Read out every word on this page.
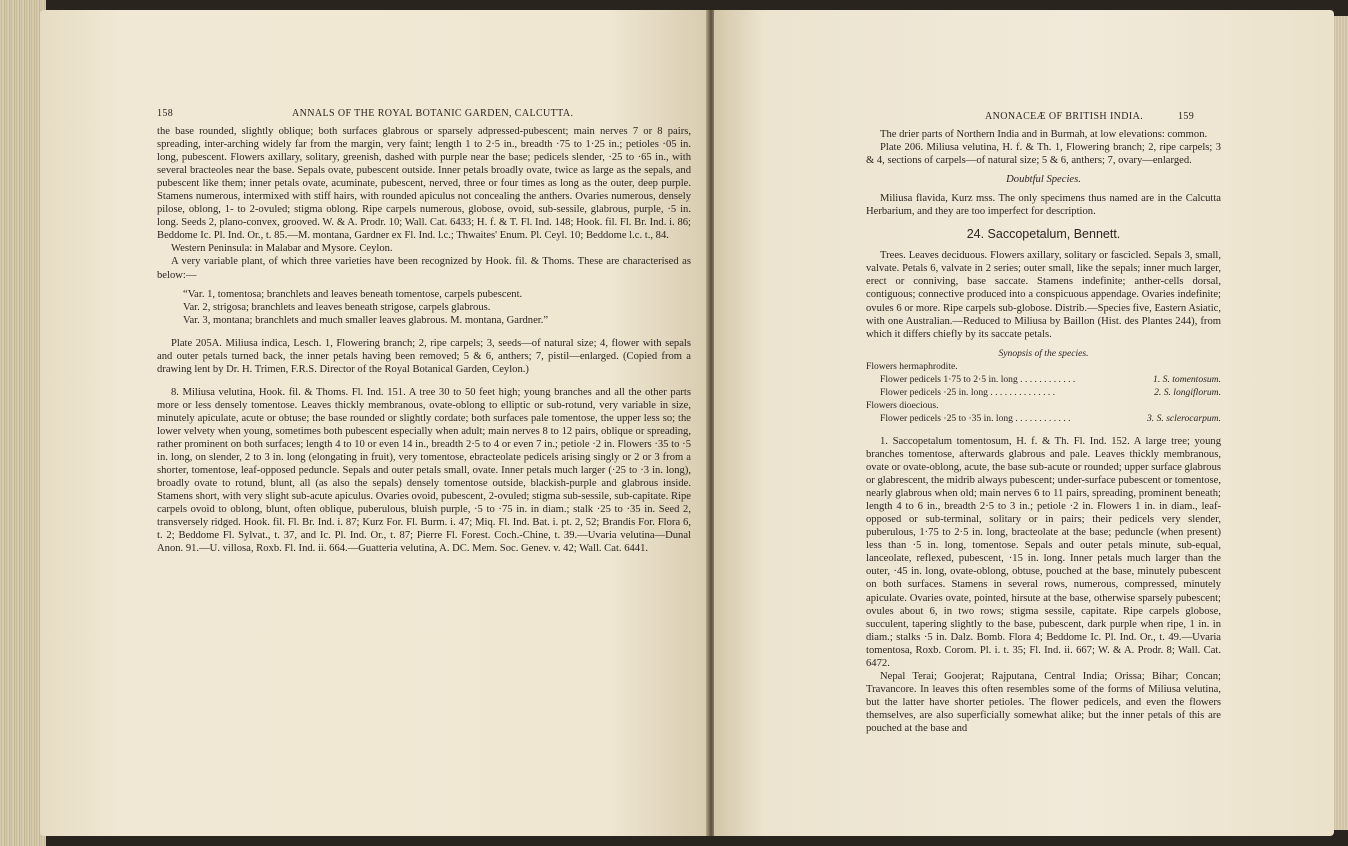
158	ANNALS OF THE ROYAL BOTANIC GARDEN, CALCUTTA.

the base rounded, slightly oblique; both surfaces glabrous or sparsely adpressed-pubescent; main nerves 7 or 8 pairs, spreading, inter-arching widely far from the margin, very faint; length 1 to 2·5 in., breadth ·75 to 1·25 in.; petioles ·05 in. long, pubescent. Flowers axillary, solitary, greenish, dashed with purple near the base; pedicels slender, ·25 to ·65 in., with several bracteoles near the base. Sepals ovate, pubescent outside. Inner petals broadly ovate, twice as large as the sepals, and pubescent like them; inner petals ovate, acuminate, pubescent, nerved, three or four times as long as the outer, deep purple. Stamens numerous, intermixed with stiff hairs, with rounded apiculus not concealing the anthers. Ovaries numerous, densely pilose, oblong, 1- to 2-ovuled; stigma oblong. Ripe carpels numerous, globose, ovoid, sub-sessile, glabrous, purple, ·5 in. long. Seeds 2, plano-convex, grooved. W. & A. Prodr. 10; Wall. Cat. 6433; H. f. & T. Fl. Ind. 148; Hook. fil. Fl. Br. Ind. i. 86; Beddome Ic. Pl. Ind. Or., t. 85.—M. montana, Gardner ex Fl. Ind. l.c.; Thwaites' Enum. Pl. Ceyl. 10; Beddome l.c. t., 84.

Western Peninsula: in Malabar and Mysore. Ceylon.

A very variable plant, of which three varieties have been recognized by Hook. fil. & Thoms. These are characterised as below:—

“Var. 1, tomentosa; branchlets and leaves beneath tomentose, carpels pubescent.

Var. 2, strigosa; branchlets and leaves beneath strigose, carpels glabrous.

Var. 3, montana; branchlets and much smaller leaves glabrous. M. montana, Gardner.”

Plate 205A. Miliusa indica, Lesch. 1, Flowering branch; 2, ripe carpels; 3, seeds—of natural size; 4, flower with sepals and outer petals turned back, the inner petals having been removed; 5 & 6, anthers; 7, pistil—enlarged. (Copied from a drawing lent by Dr. H. Trimen, F.R.S. Director of the Royal Botanical Garden, Ceylon.)

8. Miliusa velutina, Hook. fil. & Thoms. Fl. Ind. 151. A tree 30 to 50 feet high; young branches and all the other parts more or less densely tomentose. Leaves thickly membranous, ovate-oblong to elliptic or sub-rotund, very variable in size, minutely apiculate, acute or obtuse; the base rounded or slightly cordate; both surfaces pale tomentose, the upper less so; the lower velvety when young, sometimes both pubescent especially when adult; main nerves 8 to 12 pairs, oblique or spreading, rather prominent on both surfaces; length 4 to 10 or even 14 in., breadth 2·5 to 4 or even 7 in.; petiole ·2 in. Flowers ·35 to ·5 in. long, on slender, 2 to 3 in. long (elongating in fruit), very tomentose, ebracteolate pedicels arising singly or 2 or 3 from a shorter, tomentose, leaf-opposed peduncle. Sepals and outer petals small, ovate. Inner petals much larger (·25 to ·3 in. long), broadly ovate to rotund, blunt, all (as also the sepals) densely tomentose outside, blackish-purple and glabrous inside. Stamens short, with very slight sub-acute apiculus. Ovaries ovoid, pubescent, 2-ovuled; stigma sub-sessile, sub-capitate. Ripe carpels ovoid to oblong, blunt, often oblique, puberulous, bluish purple, ·5 to ·75 in. in diam.; stalk ·25 to ·35 in. Seed 2, transversely ridged. Hook. fil. Fl. Br. Ind. i. 87; Kurz For. Fl. Burm. i. 47; Miq. Fl. Ind. Bat. i. pt. 2, 52; Brandis For. Flora 6, t. 2; Beddome Fl. Sylvat., t. 37, and Ic. Pl. Ind. Or., t. 87; Pierre Fl. Forest. Coch.-Chine, t. 39.—Uvaria velutina—Dunal Anon. 91.—U. villosa, Roxb. Fl. Ind. ii. 664.—Guatteria velutina, A. DC. Mem. Soc. Genev. v. 42; Wall. Cat. 6441.

ANONACEÆ OF BRITISH INDIA.	159

The drier parts of Northern India and in Burmah, at low elevations: common.

Plate 206. Miliusa velutina, H. f. & Th. 1, Flowering branch; 2, ripe carpels; 3 & 4, sections of carpels—of natural size; 5 & 6, anthers; 7, ovary—enlarged.

Doubtful Species.

Miliusa flavida, Kurz mss. The only specimens thus named are in the Calcutta Herbarium, and they are too imperfect for description.

24. Saccopetalum, Bennett.

Trees. Leaves deciduous. Flowers axillary, solitary or fascicled. Sepals 3, small, valvate. Petals 6, valvate in 2 series; outer small, like the sepals; inner much larger, erect or conniving, base saccate. Stamens indefinite; anther-cells dorsal, contiguous; connective produced into a conspicuous appendage. Ovaries indefinite; ovules 6 or more. Ripe carpels sub-globose. Distrib.—Species five, Eastern Asiatic, with one Australian.—Reduced to Miliusa by Baillon (Hist. des Plantes 244), from which it differs chiefly by its saccate petals.

Synopsis of the species.

Flowers hermaphrodite.

Flower pedicels 1·75 to 2·5 in. long . . . . . . . . . . . .	1. S. tomentosum.
Flower pedicels ·25 in. long . . . . . . . . . . . . . .	2. S. longiflorum.

Flowers dioecious.

Flower pedicels ·25 to ·35 in. long . . . . . . . . . . . .	3. S. sclerocarpum.

1. Saccopetalum tomentosum, H. f. & Th. Fl. Ind. 152. A large tree; young branches tomentose, afterwards glabrous and pale. Leaves thickly membranous, ovate or ovate-oblong, acute, the base sub-acute or rounded; upper surface glabrous or glabrescent, the midrib always pubescent; under-surface pubescent or tomentose, nearly glabrous when old; main nerves 6 to 11 pairs, spreading, prominent beneath; length 4 to 6 in., breadth 2·5 to 3 in.; petiole ·2 in. Flowers 1 in. in diam., leaf-opposed or sub-terminal, solitary or in pairs; their pedicels very slender, puberulous, 1·75 to 2·5 in. long, bracteolate at the base; peduncle (when present) less than ·5 in. long, tomentose. Sepals and outer petals minute, sub-equal, lanceolate, reflexed, pubescent, ·15 in. long. Inner petals much larger than the outer, ·45 in. long, ovate-oblong, obtuse, pouched at the base, minutely pubescent on both surfaces. Stamens in several rows, numerous, compressed, minutely apiculate. Ovaries ovate, pointed, hirsute at the base, otherwise sparsely pubescent; ovules about 6, in two rows; stigma sessile, capitate. Ripe carpels globose, succulent, tapering slightly to the base, pubescent, dark purple when ripe, 1 in. in diam.; stalks ·5 in. Dalz. Bomb. Flora 4; Beddome Ic. Pl. Ind. Or., t. 49.—Uvaria tomentosa, Roxb. Corom. Pl. i. t. 35; Fl. Ind. ii. 667; W. & A. Prodr. 8; Wall. Cat. 6472.

Nepal Terai; Goojerat; Rajputana, Central India; Orissa; Bihar; Concan; Travancore. In leaves this often resembles some of the forms of Miliusa velutina, but the latter have shorter petioles. The flower pedicels, and even the flowers themselves, are also superficially somewhat alike; but the inner petals of this are pouched at the base and
